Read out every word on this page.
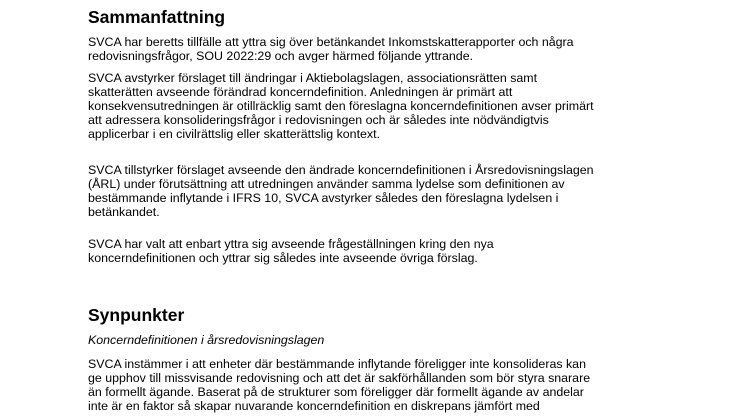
Sammanfattning

SVCA har beretts tillfälle att yttra sig över betänkandet Inkomstskatterapporter och några
redovisningsfrågor, SOU 2022:29 och avger härmed följande yttrande.

SVCA avstyrker förslaget till ändringar i Aktiebolagslagen, associationsrätten samt
skatterätten avseende förändrad koncerndefinition. Anledningen är primärt att
konsekvensutredningen är otillräcklig samt den föreslagna koncerndefinitionen avser primärt
att adressera konsolideringsfrågor i redovisningen och är således inte nödvändigtvis
applicerbar i en civilrättslig eller skatterättslig kontext.

SVCA tillstyrker förslaget avseende den ändrade koncerndefinitionen i Årsredovisningslagen
(ÅRL) under förutsättning att utredningen använder samma lydelse som definitionen av
bestämmande inflytande i IFRS 10, SVCA avstyrker således den föreslagna lydelsen i
betänkandet.

SVCA har valt att enbart yttra sig avseende frågeställningen kring den nya
koncerndefinitionen och yttrar sig således inte avseende övriga förslag.

Synpunkter

Koncerndefinitionen i årsredovisningslagen

SVCA instämmer i att enheter där bestämmande inflytande föreligger inte konsolideras kan
ge upphov till missvisande redovisning och att det är sakförhållanden som bör styra snarare
än formellt ägande. Baserat på de strukturer som föreligger där formellt ägande av andelar
inte är en faktor så skapar nuvarande koncerndefinition en diskrepans jämfört med
